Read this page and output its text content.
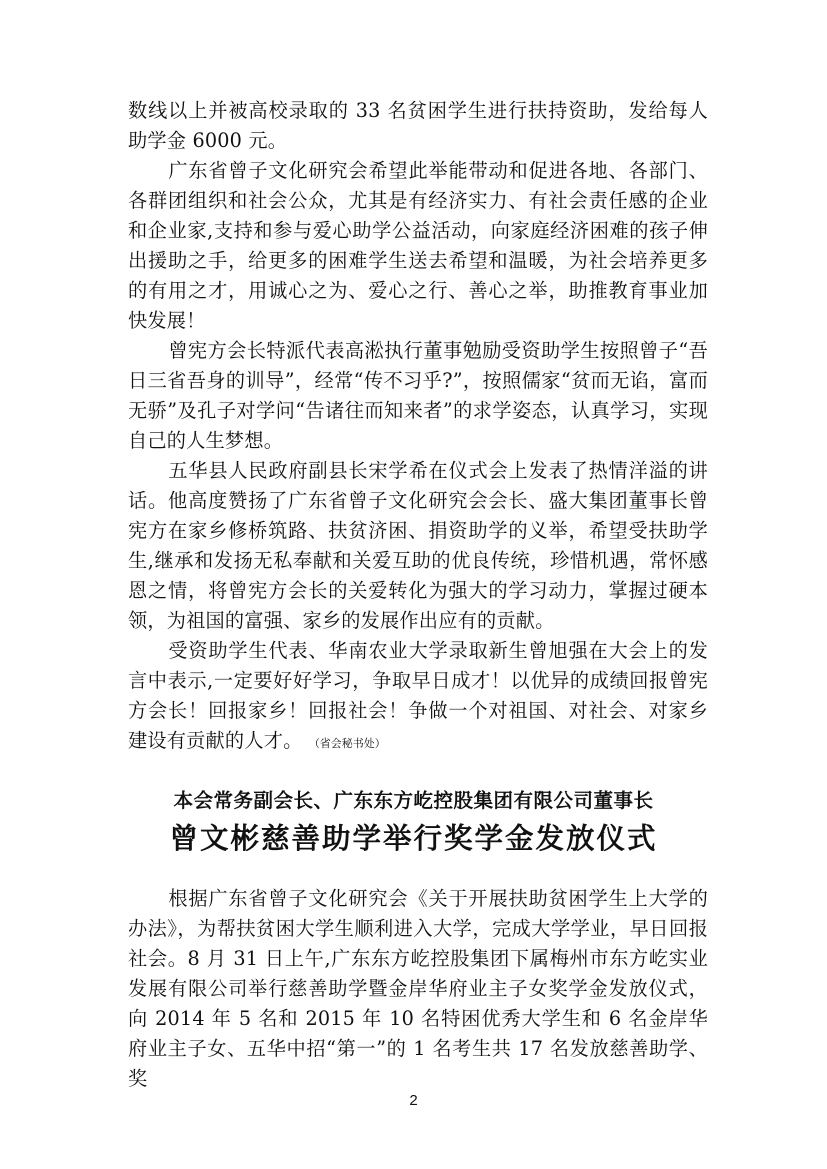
数线以上并被高校录取的 33 名贫困学生进行扶持资助，发给每人助学金 6000 元。

广东省曾子文化研究会希望此举能带动和促进各地、各部门、各群团组织和社会公众，尤其是有经济实力、有社会责任感的企业和企业家,支持和参与爱心助学公益活动，向家庭经济困难的孩子伸出援助之手，给更多的困难学生送去希望和温暖，为社会培养更多的有用之才，用诚心之为、爱心之行、善心之举，助推教育事业加快发展！

曾宪方会长特派代表高淞执行董事勉励受资助学生按照曾子“吾日三省吾身的训导”，经常“传不习乎?”，按照儒家“贫而无谄，富而无骄”及孔子对学问“告诸往而知来者”的求学姿态，认真学习，实现自己的人生梦想。

五华县人民政府副县长宋学希在仪式会上发表了热情洋溢的讲话。他高度赞扬了广东省曾子文化研究会会长、盛大集团董事长曾宪方在家乡修桥筑路、扶贫济困、捐资助学的义举，希望受扶助学生,继承和发扬无私奉献和关爱互助的优良传统，珍惜机遇，常怀感恩之情，将曾宪方会长的关爱转化为强大的学习动力，掌握过硬本领，为祖国的富强、家乡的发展作出应有的贡献。

受资助学生代表、华南农业大学录取新生曾旭强在大会上的发言中表示,一定要好好学习，争取早日成才！以优异的成绩回报曾宪方会长！回报家乡！回报社会！争做一个对祖国、对社会、对家乡建设有贡献的人才。 （省会秘书处）

本会常务副会长、广东东方屹控股集团有限公司董事长
曾文彬慈善助学举行奖学金发放仪式

根据广东省曾子文化研究会《关于开展扶助贫困学生上大学的办法》，为帮扶贫困大学生顺利进入大学，完成大学学业，早日回报社会。8 月 31 日上午,广东东方屹控股集团下属梅州市东方屹实业发展有限公司举行慈善助学暨金岸华府业主子女奖学金发放仪式，向 2014 年 5 名和 2015 年 10 名特困优秀大学生和 6 名金岸华府业主子女、五华中招“第一”的 1 名考生共 17 名发放慈善助学、奖

2
